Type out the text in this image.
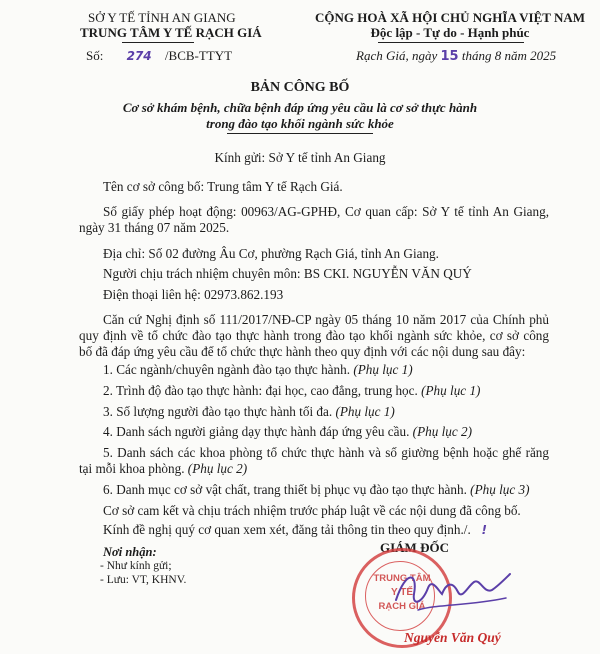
SỞ Y TẾ TỈNH AN GIANG
TRUNG TÂM Y TẾ RẠCH GIÁ
Số: 274 /BCB-TTYT
CỘNG HOÀ XÃ HỘI CHỦ NGHĨA VIỆT NAM
Độc lập - Tự do - Hạnh phúc
Rạch Giá, ngày 15 tháng 8 năm 2025
BẢN CÔNG BỐ
Cơ sở khám bệnh, chữa bệnh đáp ứng yêu cầu là cơ sở thực hành
trong đào tạo khối ngành sức khỏe
Kính gửi: Sở Y tế tỉnh An Giang
Tên cơ sở công bố: Trung tâm Y tế Rạch Giá.
Số giấy phép hoạt động: 00963/AG-GPHĐ, Cơ quan cấp: Sở Y tế tỉnh An Giang,
ngày 31 tháng 07 năm 2025.
Địa chỉ: Số 02 đường Âu Cơ, phường Rạch Giá, tỉnh An Giang.
Người chịu trách nhiệm chuyên môn: BS CKI. NGUYỄN VĂN QUÝ
Điện thoại liên hệ: 02973.862.193
Căn cứ Nghị định số 111/2017/NĐ-CP ngày 05 tháng 10 năm 2017 của Chính phủ
quy định về tổ chức đào tạo thực hành trong đào tạo khối ngành sức khỏe, cơ sở công
bố đã đáp ứng yêu cầu để tổ chức thực hành theo quy định với các nội dung sau đây:
1. Các ngành/chuyên ngành đào tạo thực hành. (Phụ lục 1)
2. Trình độ đào tạo thực hành: đại học, cao đẳng, trung học. (Phụ lục 1)
3. Số lượng người đào tạo thực hành tối đa. (Phụ lục 1)
4. Danh sách người giảng dạy thực hành đáp ứng yêu cầu. (Phụ lục 2)
5. Danh sách các khoa phòng tổ chức thực hành và số giường bệnh hoặc ghế răng
tại mỗi khoa phòng. (Phụ lục 2)
6. Danh mục cơ sở vật chất, trang thiết bị phục vụ đào tạo thực hành. (Phụ lục 3)
Cơ sở cam kết và chịu trách nhiệm trước pháp luật về các nội dung đã công bố.
Kính đề nghị quý cơ quan xem xét, đăng tải thông tin theo quy định./. ǃ
Nơi nhận:
- Như kính gửi;
- Lưu: VT, KHNV.
GIÁM ĐỐC
TRUNG TÂM
Y TẾ
RẠCH GIÁ
Nguyễn Văn Quý
